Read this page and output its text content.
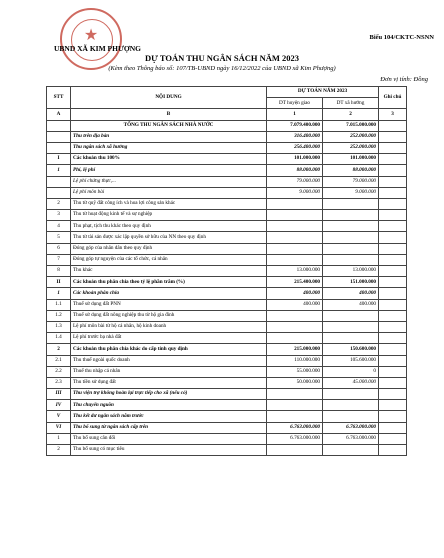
★	Biểu 104/CKTC-NSNN
UBND XÃ KIM PHƯỢNG
DỰ TOÁN THU NGÂN SÁCH NĂM 2023
(Kèm theo Thông báo số: 107/TB-UBND ngày 16/12/2022 của UBND xã Kim Phượng)
Đơn vị tính: Đồng
STT	NỘI DUNG	DỰ TOÁN NĂM 2023		Ghi chú
		DT huyện giao	DT xã hướng	
A	B	1	2	3
	TỔNG THU NGÂN SÁCH NHÀ NƯỚC	7.079.400.000	7.015.000.000	
	Thu trên địa bàn	316.400.000	252.000.000	
	Thu ngân sách xã hưởng	256.400.000	252.000.000	
I	Các khoản thu 100%	101.000.000	101.000.000	
1	Phí, lệ phí	88.000.000	88.000.000	
	Lệ phí chứng thực,...	79.000.000	79.000.000	
	Lệ phí môn bài	9.000.000	9.000.000	
2	Thu từ quỹ đất công ích và hoa lợi công sản khác			
3	Thu từ hoạt động kinh tế và sự nghiệp			
4	Thu phạt, tịch thu khác theo quy định			
5	Thu từ tài sản được xác lập quyền sở hữu của NN theo quy định			
6	Đóng góp của nhân dân theo quy định			
7	Đóng góp tự nguyện của các tổ chức, cá nhân			
8	Thu khác	13.000.000	13.000.000	
II	Các khoản thu phân chia theo tỷ lệ phần trăm (%)	215.400.000	151.000.000	
1	Các khoản phân chia	400.000	400.000	
1.1	Thuế sử dụng đất PNN	400.000	400.000	
1.2	Thuế sử dụng đất nông nghiệp thu từ hộ gia đình			
1.3	Lệ phí môn bài từ hộ cá nhân, hộ kinh doanh			
1.4	Lệ phí trước bạ nhà đất			
2	Các khoản thu phân chia khác do cấp tỉnh quy định	215.000.000	150.600.000	
2.1	Thu thuế ngoài quốc doanh	110.000.000	105.600.000	
2.2	Thuế thu nhập cá nhân	55.000.000	0	
2.3	Thu tiền sử dụng đất	50.000.000	45.000.000	
III	Thu viện trợ không hoàn lại trực tiếp cho xã (nếu có)			
IV	Thu chuyển nguồn			
V	Thu kết dư ngân sách năm trước			
VI	Thu bổ sung từ ngân sách cấp trên	6.763.000.000	6.763.000.000	
1	Thu bổ sung cân đối	6.763.000.000	6.763.000.000	
2	Thu bổ sung có mục tiêu			
